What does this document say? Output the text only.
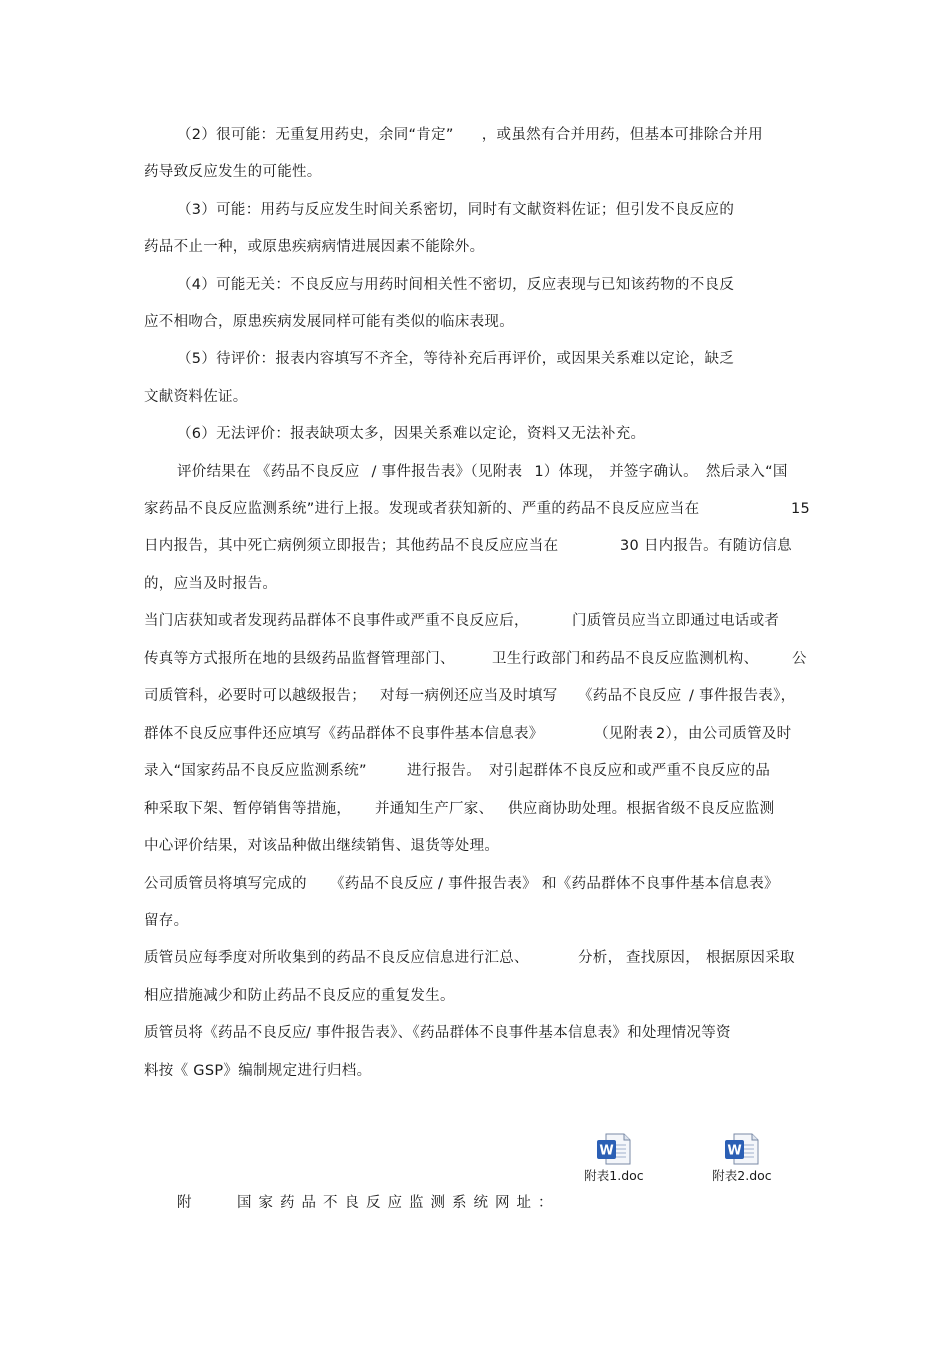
（2）很可能：无重复用药史，余同“肯定” ，或虽然有合并用药，但基本可排除合并用
药导致反应发生的可能性。
（3）可能：用药与反应发生时间关系密切，同时有文献资料佐证；但引发不良反应的
药品不止一种，或原患疾病病情进展因素不能除外。
（4）可能无关：不良反应与用药时间相关性不密切，反应表现与已知该药物的不良反
应不相吻合，原患疾病发展同样可能有类似的临床表现。
（5）待评价：报表内容填写不齐全，等待补充后再评价，或因果关系难以定论，缺乏
文献资料佐证。
（6）无法评价：报表缺项太多，因果关系难以定论，资料又无法补充。
评价结果在 《药品不良反应 / 事件报告表》（见附表 1）体现， 并签字确认。 然后录入“国
家药品不良反应监测系统”进行上报。发现或者获知新的、严重的药品不良反应应当在	15
日内报告，其中死亡病例须立即报告；其他药品不良反应应当在	30 日内报告。有随访信息
的，应当及时报告。
当门店获知或者发现药品群体不良事件或严重不良反应后，	门质管员应当立即通过电话或者
传真等方式报所在地的县级药品监督管理部门、	卫生行政部门和药品不良反应监测机构、 公
司质管科，必要时可以越级报告； 对每一病例还应当及时填写 《药品不良反应 / 事件报告表》，
群体不良反应事件还应填写《药品群体不良事件基本信息表》	（见附表 2），由公司质管及时
录入“国家药品不良反应监测系统”	进行报告。 对引起群体不良反应和或严重不良反应的品
种采取下架、暂停销售等措施， 并通知生产厂家、 供应商协助处理。根据省级不良反应监测
中心评价结果，对该品种做出继续销售、退货等处理。
公司质管员将填写完成的 《药品不良反应 / 事件报告表》 和《药品群体不良事件基本信息表》
留存。
质管员应每季度对所收集到的药品不良反应信息进行汇总、	分析， 查找原因， 根据原因采取
相应措施减少和防止药品不良反应的重复发生。
质管员将《药品不良反应 / 事件报告表》、《药品群体不良事件基本信息表》和处理情况等资
料按《 GSP》编制规定进行归档。
W
附表1.doc
W
附表2.doc
附	国家药品不良反应监测系统网址：
